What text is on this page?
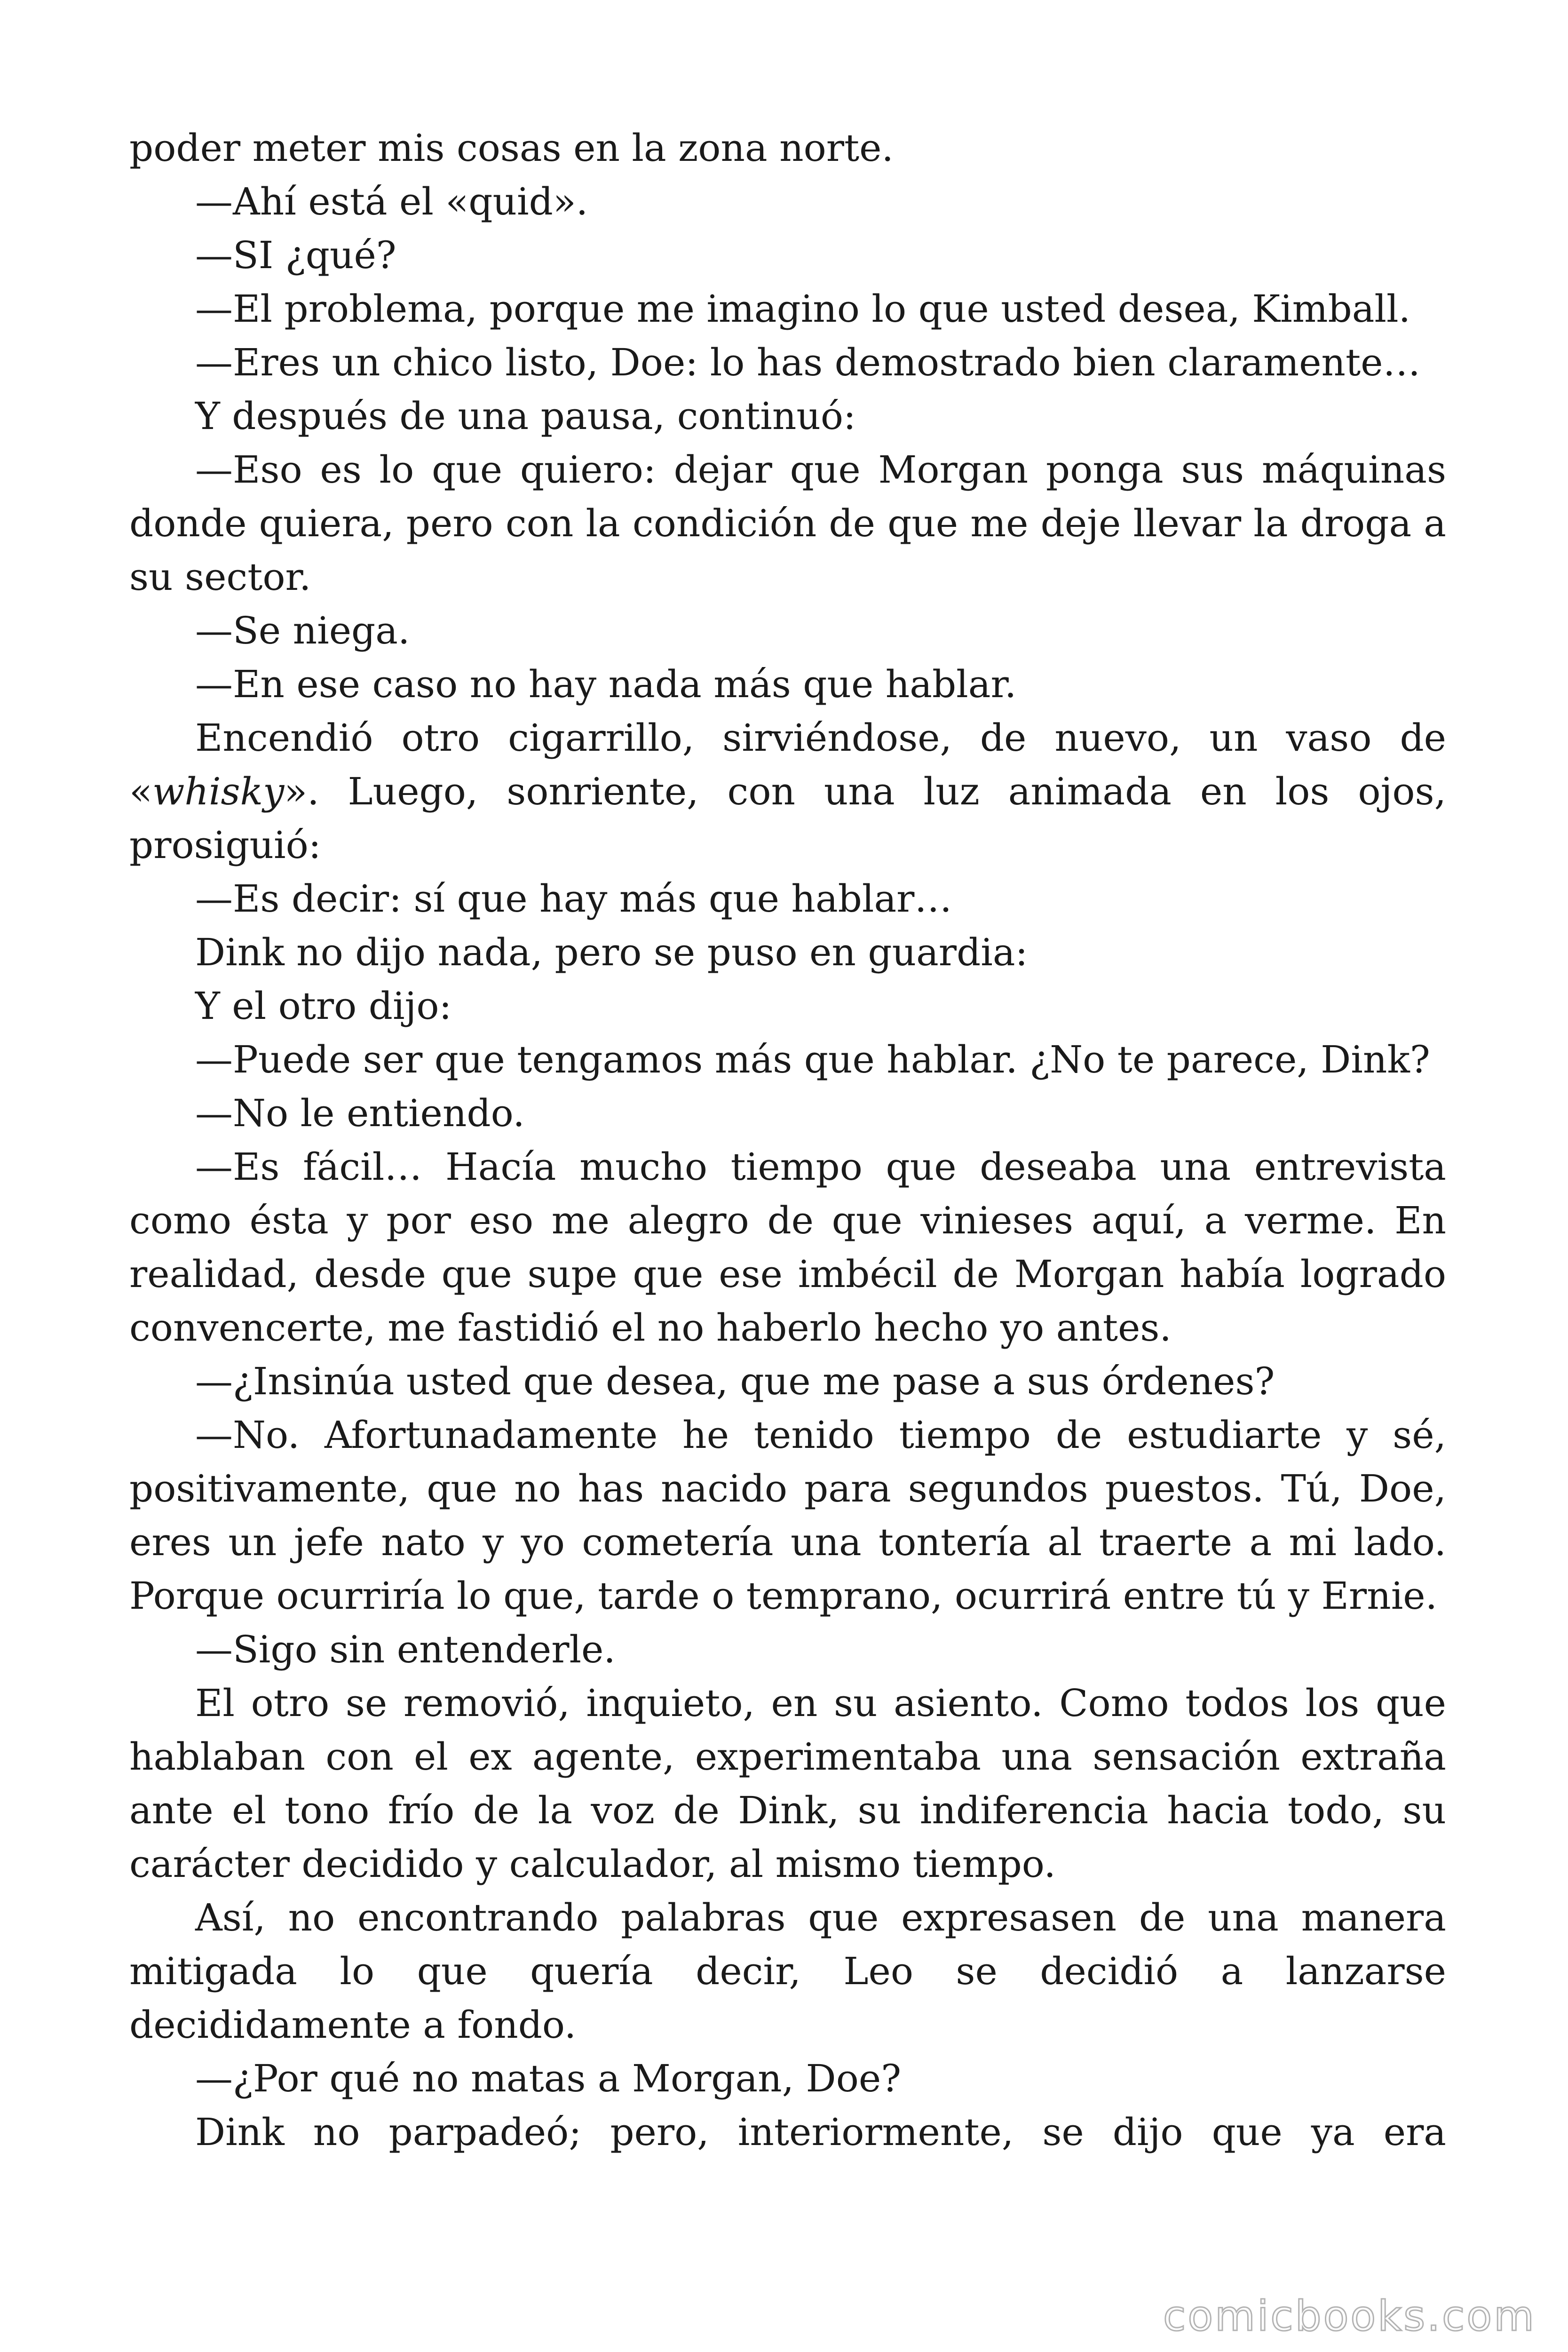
poder meter mis cosas en la zona norte.

—Ahí está el «quid».

—SI ¿qué?

—El problema, porque me imagino lo que usted desea, Kimball.

—Eres un chico listo, Doe: lo has demostrado bien claramente…

Y después de una pausa, continuó:

—Eso es lo que quiero: dejar que Morgan ponga sus máquinas donde quiera, pero con la condición de que me deje llevar la droga a su sector.

—Se niega.

—En ese caso no hay nada más que hablar.

Encendió otro cigarrillo, sirviéndose, de nuevo, un vaso de «whisky». Luego, sonriente, con una luz animada en los ojos, prosiguió:

—Es decir: sí que hay más que hablar…

Dink no dijo nada, pero se puso en guardia:

Y el otro dijo:

—Puede ser que tengamos más que hablar. ¿No te parece, Dink?

—No le entiendo.

—Es fácil… Hacía mucho tiempo que deseaba una entrevista como ésta y por eso me alegro de que vinieses aquí, a verme. En realidad, desde que supe que ese imbécil de Morgan había logrado convencerte, me fastidió el no haberlo hecho yo antes.

—¿Insinúa usted que desea, que me pase a sus órdenes?

—No. Afortunadamente he tenido tiempo de estudiarte y sé, positivamente, que no has nacido para segundos puestos. Tú, Doe, eres un jefe nato y yo cometería una tontería al traerte a mi lado. Porque ocurriría lo que, tarde o temprano, ocurrirá entre tú y Ernie.

—Sigo sin entenderle.

El otro se removió, inquieto, en su asiento. Como todos los que hablaban con el ex agente, experimentaba una sensación extraña ante el tono frío de la voz de Dink, su indiferencia hacia todo, su carácter decidido y calculador, al mismo tiempo.

Así, no encontrando palabras que expresasen de una manera mitigada lo que quería decir, Leo se decidió a lanzarse decididamente a fondo.

—¿Por qué no matas a Morgan, Doe?

Dink no parpadeó; pero, interiormente, se dijo que ya era

comicbooks.com
